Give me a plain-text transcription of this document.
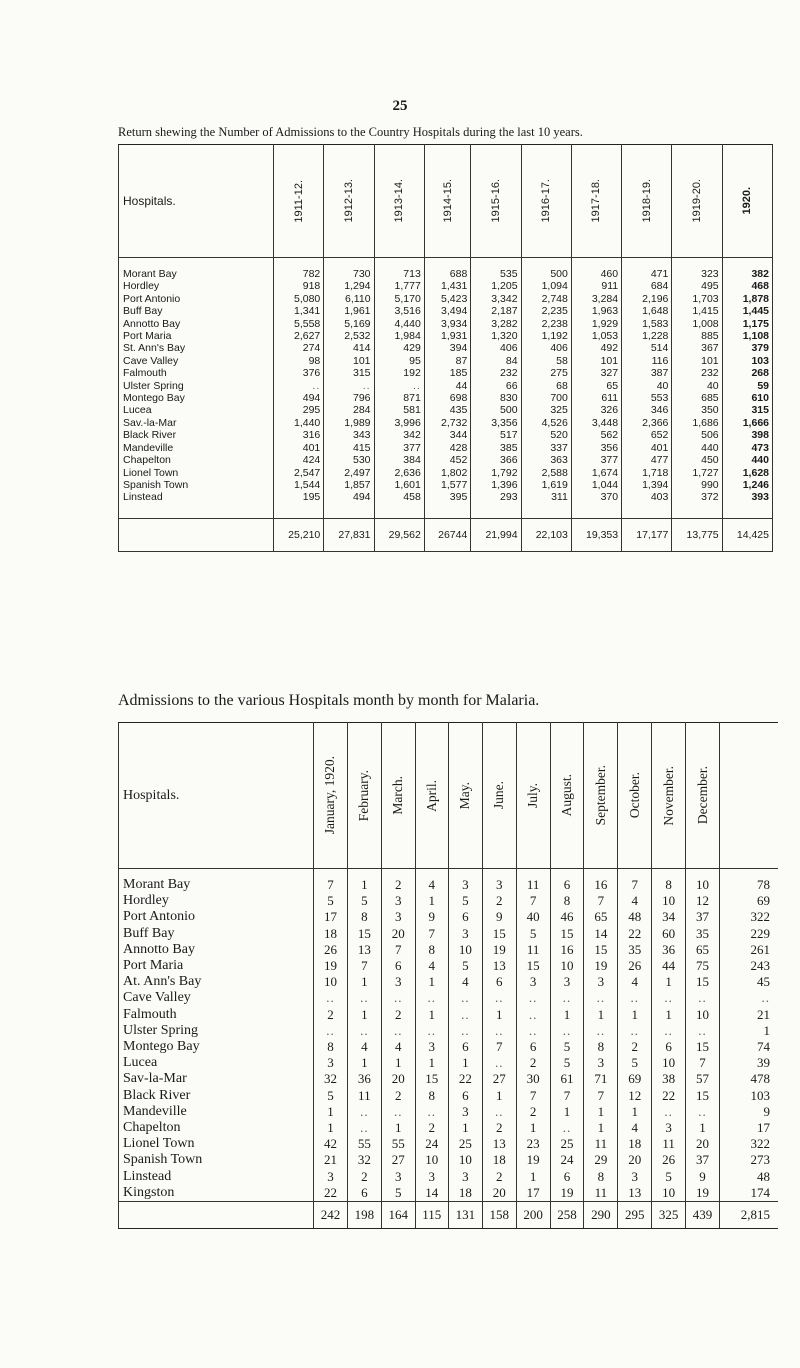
25
Return shewing the Number of Admissions to the Country Hospitals during the last 10 years.
Hospitals.	1911-12.	1912-13.	1913-14.	1914-15.	1915-16.	1916-17.	1917-18.	1918-19.	1919-20.	1920.

Morant Bay	782	730	713	688	535	500	460	471	323	382
Hordley	918	1,294	1,777	1,431	1,205	1,094	911	684	495	468
Port Antonio	5,080	6,110	5,170	5,423	3,342	2,748	3,284	2,196	1,703	1,878
Buff Bay	1,341	1,961	3,516	3,494	2,187	2,235	1,963	1,648	1,415	1,445
Annotto Bay	5,558	5,169	4,440	3,934	3,282	2,238	1,929	1,583	1,008	1,175
Port Maria	2,627	2,532	1,984	1,931	1,320	1,192	1,053	1,228	885	1,108
St. Ann's Bay	274	414	429	394	406	406	492	514	367	379
Cave Valley	98	101	95	87	84	58	101	116	101	103
Falmouth	376	315	192	185	232	275	327	387	232	268
Ulster Spring	..	..	..	44	66	68	65	40	40	59
Montego Bay	494	796	871	698	830	700	611	553	685	610
Lucea	295	284	581	435	500	325	326	346	350	315
Sav.-la-Mar	1,440	1,989	3,996	2,732	3,356	4,526	3,448	2,366	1,686	1,666
Black River	316	343	342	344	517	520	562	652	506	398
Mandeville	401	415	377	428	385	337	356	401	440	473
Chapelton	424	530	384	452	366	363	377	477	450	440
Lionel Town	2,547	2,497	2,636	1,802	1,792	2,588	1,674	1,718	1,727	1,628
Spanish Town	1,544	1,857	1,601	1,577	1,396	1,619	1,044	1,394	990	1,246
Linstead	195	494	458	395	293	311	370	403	372	393
	25,210	27,831	29,562	26744	21,994	22,103	19,353	17,177	13,775	14,425
Admissions to the various Hospitals month by month for Malaria.
Hospitals.	January, 1920.	February.	March.	April.	May.	June.	July.	August.	September.	October.	November.	December.	

Morant Bay	7	1	2	4	3	3	11	6	16	7	8	10	78
Hordley	5	5	3	1	5	2	7	8	7	4	10	12	69
Port Antonio	17	8	3	9	6	9	40	46	65	48	34	37	322
Buff Bay	18	15	20	7	3	15	5	15	14	22	60	35	229
Annotto Bay	26	13	7	8	10	19	11	16	15	35	36	65	261
Port Maria	19	7	6	4	5	13	15	10	19	26	44	75	243
At. Ann's Bay	10	1	3	1	4	6	3	3	3	4	1	15	45
Cave Valley	..	..	..	..	..	..	..	..	..	..	..	..	..
Falmouth	2	1	2	1	..	1	..	1	1	1	1	10	21
Ulster Spring	..	..	..	..	..	..	..	..	..	..	..	..	1
Montego Bay	8	4	4	3	6	7	6	5	8	2	6	15	74
Lucea	3	1	1	1	1	..	2	5	3	5	10	7	39
Sav-la-Mar	32	36	20	15	22	27	30	61	71	69	38	57	478
Black River	5	11	2	8	6	1	7	7	7	12	22	15	103
Mandeville	1	..	..	..	3	..	2	1	1	1	..	..	9
Chapelton	1	..	1	2	1	2	1	..	1	4	3	1	17
Lionel Town	42	55	55	24	25	13	23	25	11	18	11	20	322
Spanish Town	21	32	27	10	10	18	19	24	29	20	26	37	273
Linstead	3	2	3	3	3	2	1	6	8	3	5	9	48
Kingston	22	6	5	14	18	20	17	19	11	13	10	19	174
	242	198	164	115	131	158	200	258	290	295	325	439	2,815
